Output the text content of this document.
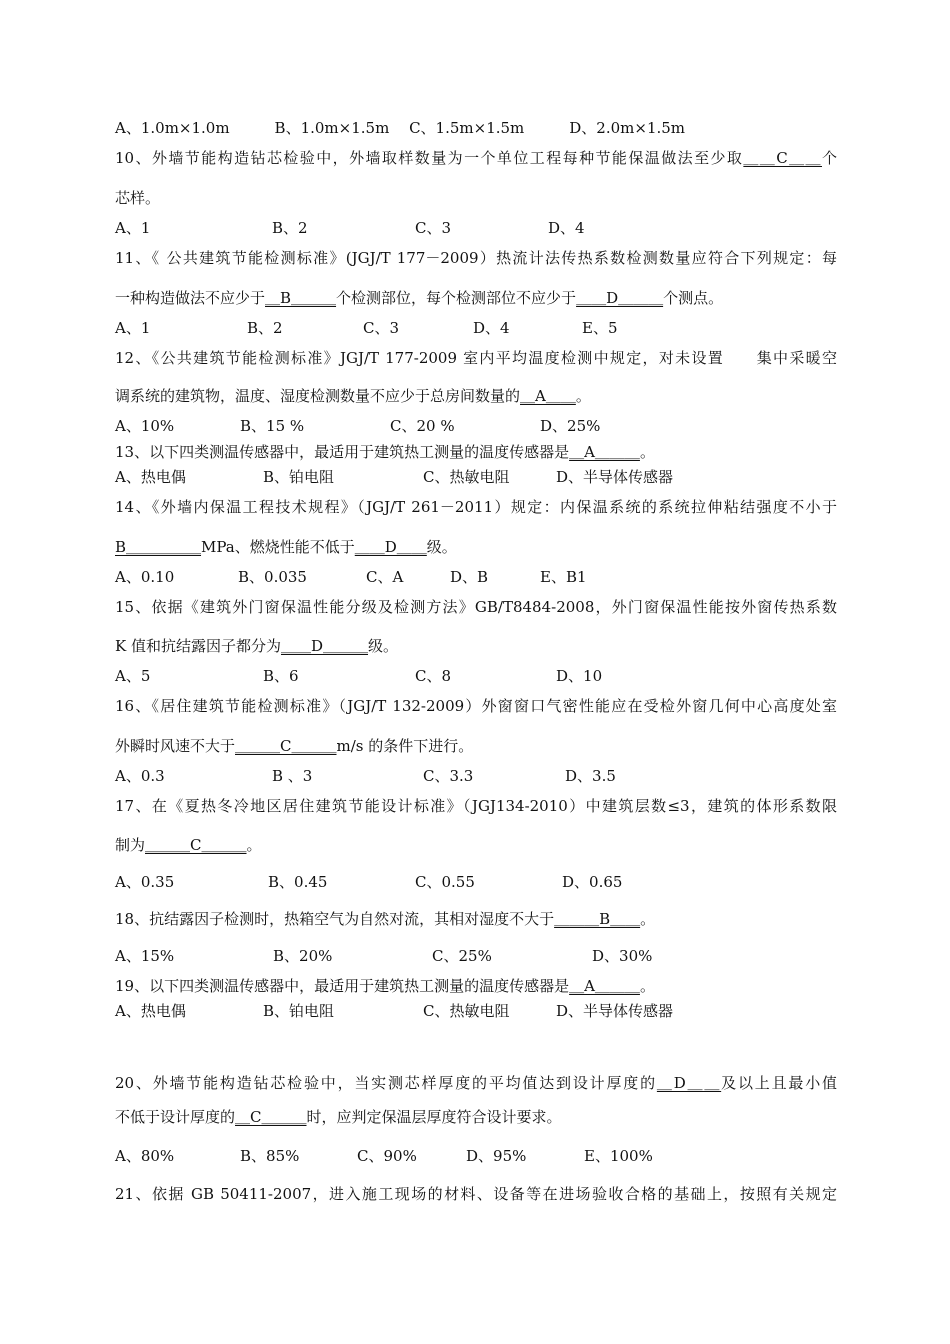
A、1.0m×1.0m　　　B、1.0m×1.5m　 C、1.5m×1.5m　　　D、2.0m×1.5m
10、外墙节能构造钻芯检验中，外墙取样数量为一个单位工程每种节能保温做法至少取＿＿C＿＿个
芯样。
A、1	B、2	C、3	D、4
11、《 公共建筑节能检测标准》(JGJ/T 177－2009）热流计法传热系数检测数量应符合下列规定：每
一种构造做法不应少于＿B＿＿＿个检测部位，每个检测部位不应少于＿＿D＿＿＿个测点。
A、1	B、2	C、3	D、4	E、5
12、《公共建筑节能检测标准》JGJ/T 177-2009 室内平均温度检测中规定，对未设置　　集中采暖空
调系统的建筑物，温度、湿度检测数量不应少于总房间数量的＿A＿＿。
A、10%	B、15 %	C、20 %	D、25%
13、以下四类测温传感器中，最适用于建筑热工测量的温度传感器是＿A＿＿＿。
A、热电偶	B、铂电阻	C、热敏电阻	D、半导体传感器
14、《外墙内保温工程技术规程》（JGJ/T 261－2011）规定：内保温系统的系统拉伸粘结强度不小于
B＿＿＿＿＿MPa、燃烧性能不低于＿＿D＿＿级。
A、0.10	B、0.035	C、A	D、B	E、B1
15、依据《建筑外门窗保温性能分级及检测方法》GB/T8484-2008，外门窗保温性能按外窗传热系数
K 值和抗结露因子都分为＿＿D＿＿＿级。
A、5	B、6	C、8	D、10
16、《居住建筑节能检测标准》（JGJ/T 132-2009）外窗窗口气密性能应在受检外窗几何中心高度处室
外瞬时风速不大于＿＿＿C＿＿＿m/s 的条件下进行。
A、0.3	B 、3	C、3.3	D、3.5
17、在《夏热冬冷地区居住建筑节能设计标准》（JGJ134-2010）中建筑层数≤3，建筑的体形系数限
制为＿＿＿C＿＿＿。
A、0.35	B、0.45	C、0.55	D、0.65
18、抗结露因子检测时，热箱空气为自然对流，其相对湿度不大于＿＿＿B＿＿。
A、15%	B、20%	C、25%	D、30%
19、以下四类测温传感器中，最适用于建筑热工测量的温度传感器是＿A＿＿＿。
A、热电偶	B、铂电阻	C、热敏电阻	D、半导体传感器
20、外墙节能构造钻芯检验中，当实测芯样厚度的平均值达到设计厚度的＿D＿＿及以上且最小值
不低于设计厚度的＿C＿＿＿时，应判定保温层厚度符合设计要求。
A、80%	B、85%	C、90%	D、95%	E、100%
21、依据 GB 50411-2007，进入施工现场的材料、设备等在进场验收合格的基础上，按照有关规定
